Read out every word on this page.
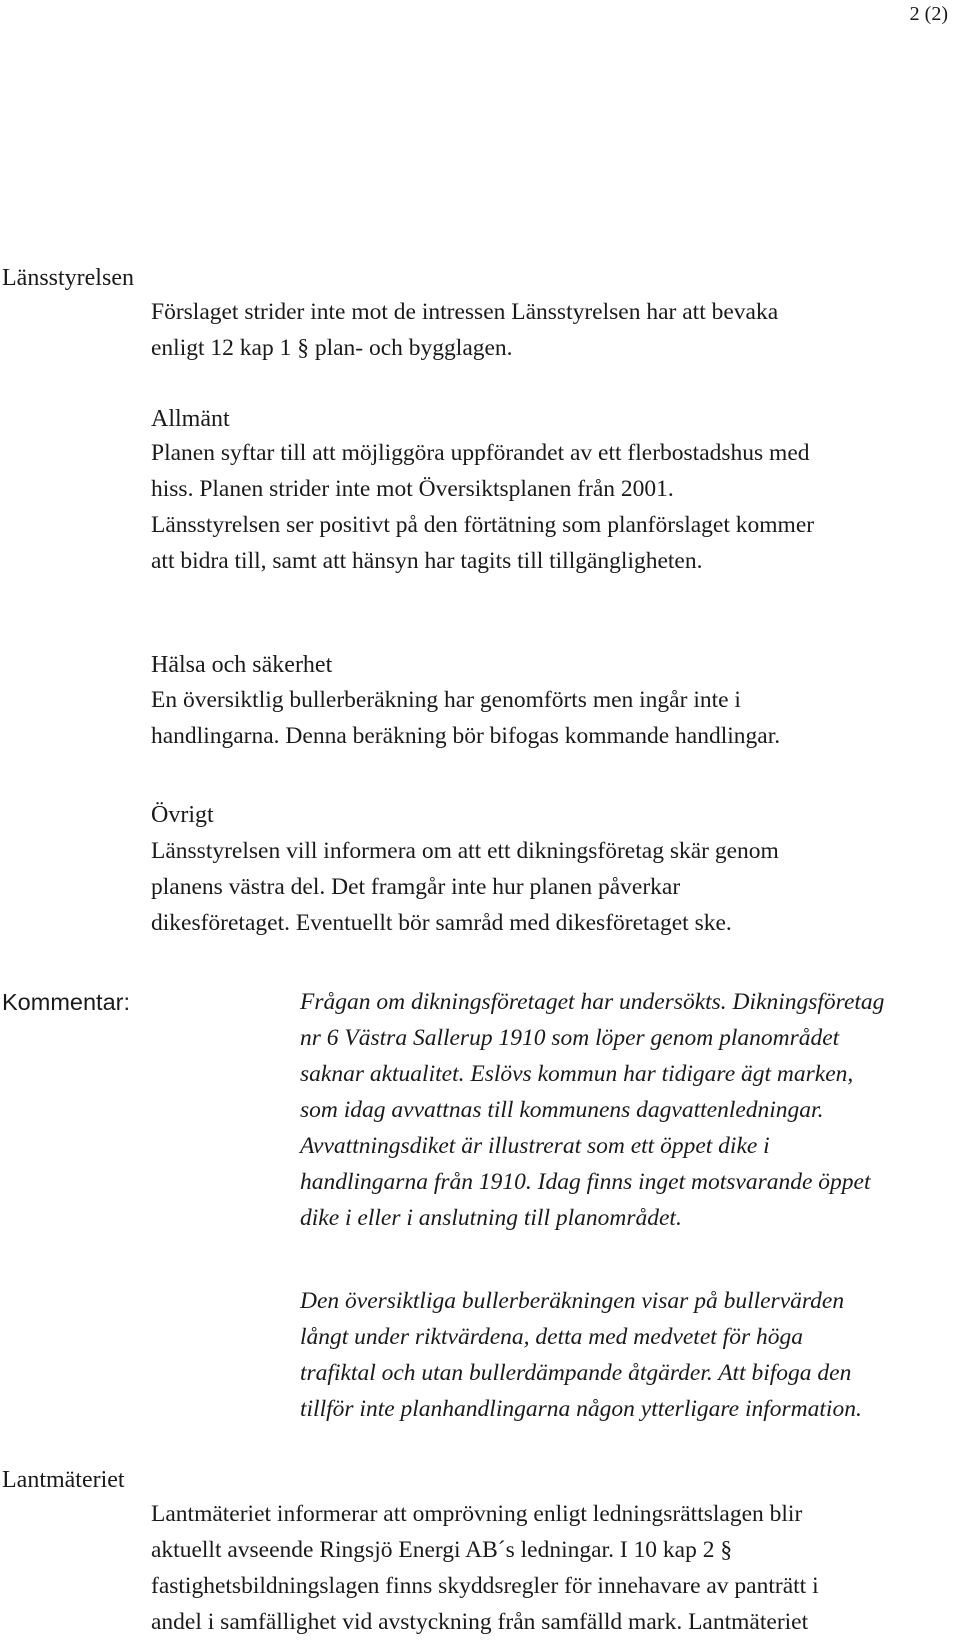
2 (2)
Länsstyrelsen

Förslaget strider inte mot de intressen Länsstyrelsen har att bevaka
enligt 12 kap 1 § plan- och bygglagen.

Allmänt

Planen syftar till att möjliggöra uppförandet av ett flerbostadshus med
hiss. Planen strider inte mot Översiktsplanen från 2001.
Länsstyrelsen ser positivt på den förtätning som planförslaget kommer
att bidra till, samt att hänsyn har tagits till tillgängligheten.

Hälsa och säkerhet

En översiktlig bullerberäkning har genomförts men ingår inte i
handlingarna. Denna beräkning bör bifogas kommande handlingar.

Övrigt

Länsstyrelsen vill informera om att ett dikningsföretag skär genom
planens västra del. Det framgår inte hur planen påverkar
dikesföretaget. Eventuellt bör samråd med dikesföretaget ske.

Kommentar:	Frågan om dikningsföretaget har undersökts. Dikningsföretag
nr 6 Västra Sallerup 1910 som löper genom planområdet
saknar aktualitet. Eslövs kommun har tidigare ägt marken,
som idag avvattnas till kommunens dagvattenledningar.
Avvattningsdiket är illustrerat som ett öppet dike i
handlingarna från 1910. Idag finns inget motsvarande öppet
dike i eller i anslutning till planområdet.

Den översiktliga bullerberäkningen visar på bullervärden
långt under riktvärdena, detta med medvetet för höga
trafiktal och utan bullerdämpande åtgärder. Att bifoga den
tillför inte planhandlingarna någon ytterligare information.

Lantmäteriet

Lantmäteriet informerar att omprövning enligt ledningsrättslagen blir
aktuellt avseende Ringsjö Energi AB´s ledningar. I 10 kap 2 §
fastighetsbildningslagen finns skyddsregler för innehavare av panträtt i
andel i samfällighet vid avstyckning från samfälld mark. Lantmäteriet
